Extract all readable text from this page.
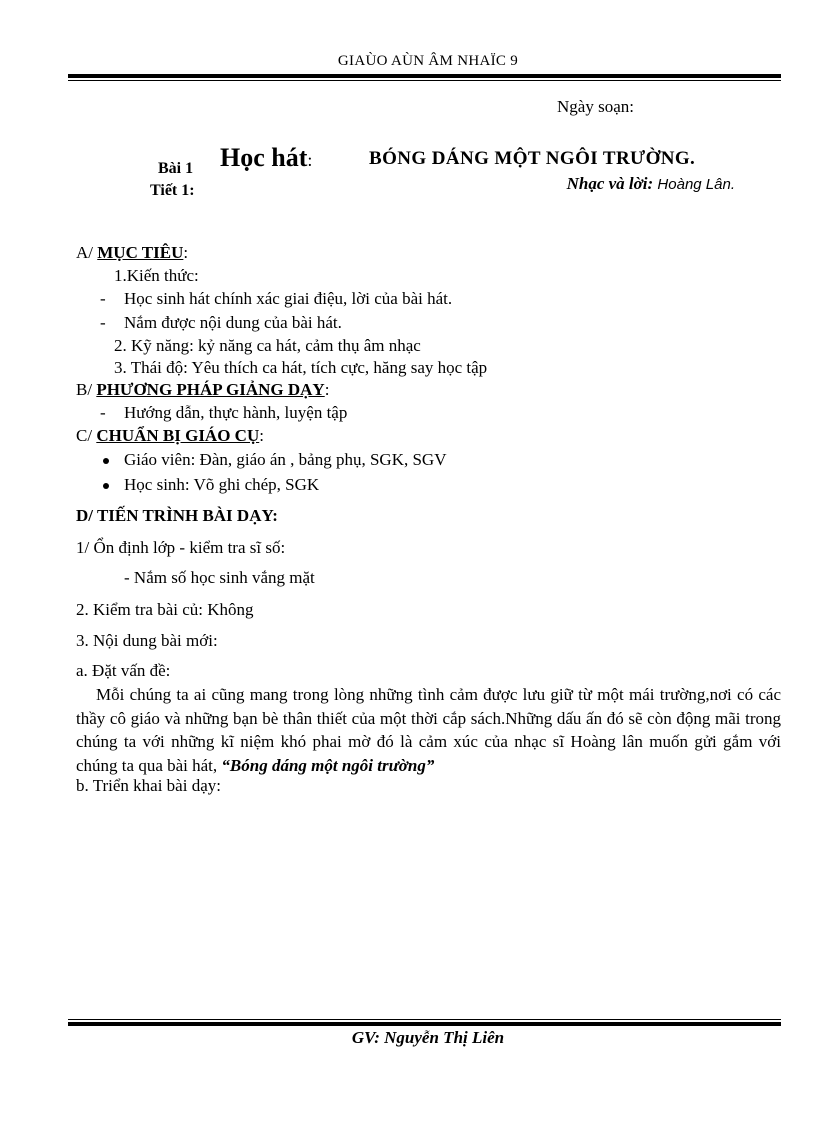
GIAÙO AÙN ÂM NHAÏC 9
Ngày soạn:
Bài 1
Tiết 1:
Học hát:	BÓNG DÁNG MỘT NGÔI TRƯỜNG.
Nhạc và lời: Hoàng Lân.
A/ MỤC TIÊU:
1.Kiến thức:
- Học sinh hát chính xác giai điệu, lời của bài hát.
- Nắm được nội dung của bài hát.
2. Kỹ năng: kỷ năng ca hát, cảm thụ âm nhạc
3. Thái độ: Yêu thích ca hát, tích cực, hăng say học tập
B/ PHƯƠNG PHÁP GIẢNG DẠY:
- Hướng dẫn, thực hành, luyện tập
C/ CHUẨN BỊ GIÁO CỤ:
Giáo viên: Đàn, giáo án , bảng phụ, SGK, SGV
Học sinh: Võ ghi chép, SGK
D/ TIẾN TRÌNH BÀI DẠY:
1/ Ổn định lớp - kiểm tra sĩ số:
- Nắm số học sinh vắng mặt
2. Kiểm tra bài củ: Không
3. Nội dung bài mới:
a. Đặt vấn đề:
Mỗi chúng ta ai cũng mang trong lòng những tình cảm được lưu giữ từ một mái trường,nơi có các thầy cô giáo và những bạn bè thân thiết của một thời cắp sách.Những dấu ấn đó sẽ còn động mãi trong chúng ta với những kĩ niệm khó phai mờ đó là cảm xúc của nhạc sĩ Hoàng lân muốn gửi gắm với chúng ta qua bài hát, “Bóng dáng một ngôi trường”
b. Triển khai bài dạy:
GV: Nguyễn Thị Liên
